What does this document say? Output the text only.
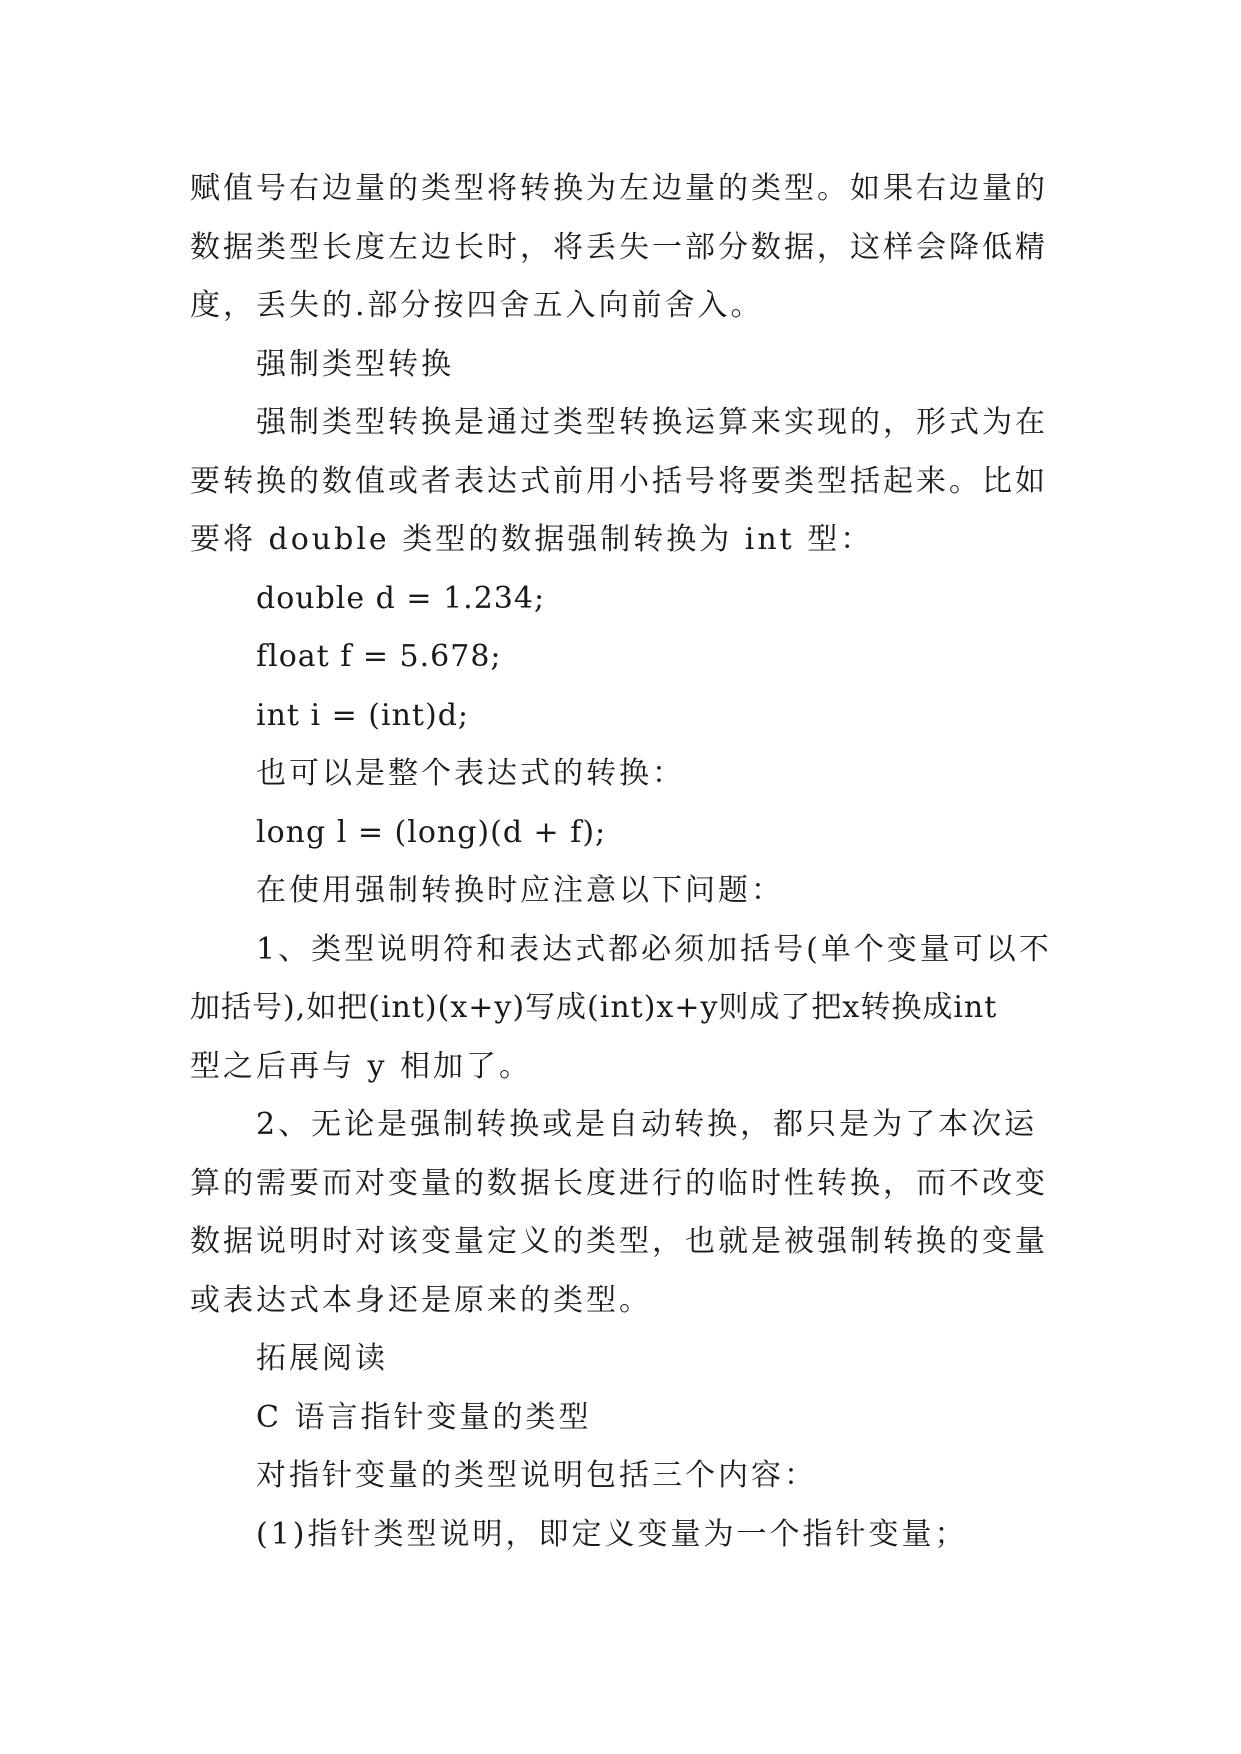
赋值号右边量的类型将转换为左边量的类型。如果右边量的
数据类型长度左边长时，将丢失一部分数据，这样会降低精
度，丢失的.部分按四舍五入向前舍入。
强制类型转换
强制类型转换是通过类型转换运算来实现的，形式为在
要转换的数值或者表达式前用小括号将要类型括起来。比如
要将 double 类型的数据强制转换为 int 型：
double d = 1.234;
float f = 5.678;
int i = (int)d;
也可以是整个表达式的转换：
long l = (long)(d + f);
在使用强制转换时应注意以下问题：
1、类型说明符和表达式都必须加括号(单个变量可以不
加括号),如把(int)(x+y)写成(int)x+y则成了把x转换成int
型之后再与 y 相加了。
2、无论是强制转换或是自动转换，都只是为了本次运
算的需要而对变量的数据长度进行的临时性转换，而不改变
数据说明时对该变量定义的类型，也就是被强制转换的变量
或表达式本身还是原来的类型。
拓展阅读
C 语言指针变量的类型
对指针变量的类型说明包括三个内容：
(1)指针类型说明，即定义变量为一个指针变量；
